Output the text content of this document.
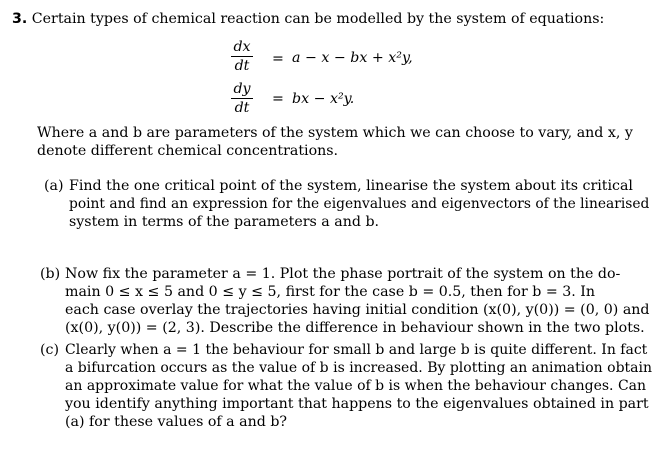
3. Certain types of chemical reaction can be modelled by the system of equations:
dx
dt	= a − x − bx + x²y,
dy
dt
= bx − x²y.
Where a and b are parameters of the system which we can choose to vary, and x, y
denote different chemical concentrations.
(a) Find the one critical point of the system, linearise the system about its critical
point and find an expression for the eigenvalues and eigenvectors of the linearised
system in terms of the parameters a and b.
(b) Now fix the parameter a = 1. Plot the phase portrait of the system on the do-
main 0 ≤ x ≤ 5 and 0 ≤ y ≤ 5, first for the case b = 0.5, then for b = 3. In
each case overlay the trajectories having initial condition (x(0), y(0)) = (0, 0) and
(x(0), y(0)) = (2, 3). Describe the difference in behaviour shown in the two plots.
(c) Clearly when a = 1 the behaviour for small b and large b is quite different. In fact
a bifurcation occurs as the value of b is increased. By plotting an animation obtain
an approximate value for what the value of b is when the behaviour changes. Can
you identify anything important that happens to the eigenvalues obtained in part
(a) for these values of a and b?
